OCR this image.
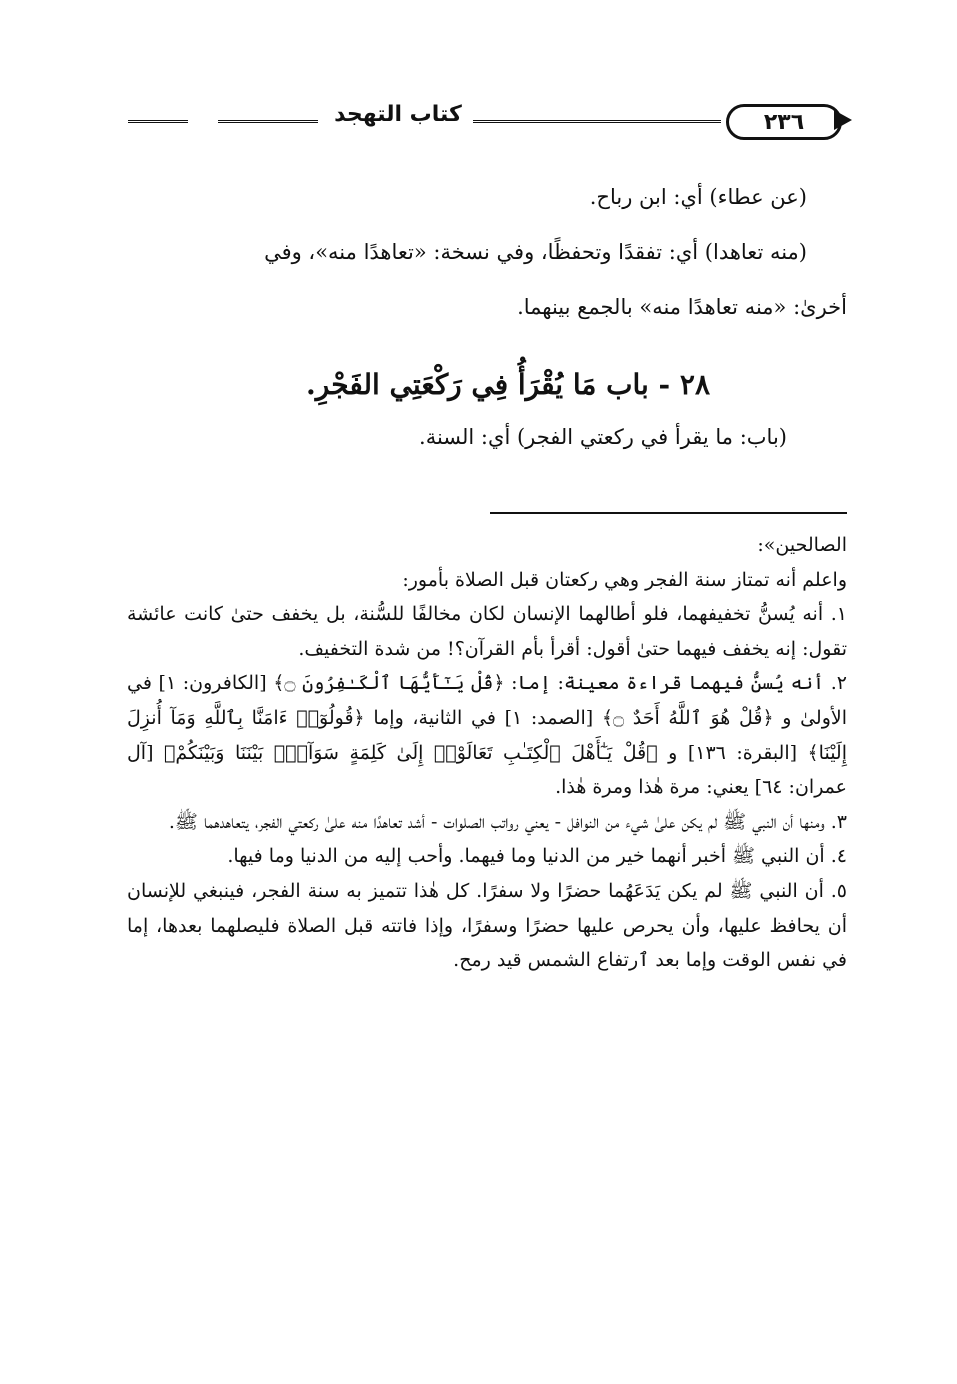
كتاب التهجد	٢٣٦

(عن عطاء) أي: ابن رباح.

(منه تعاهدا) أي: تفقدًا وتحفظًا، وفي نسخة: «تعاهدًا منه»، وفي

أخرىٰ: «منه تعاهدًا منه» بالجمع بينهما.

٢٨ - باب مَا يُقْرَأُ فِي رَكْعَتِي الفَجْرِ.
(باب: ما يقرأ في ركعتي الفجر) أي: السنة.

الصالحين»:

واعلم أنه تمتاز سنة الفجر وهي ركعتان قبل الصلاة بأمور:

١. أنه يُسنُّ تخفيفهما، فلو أطالهما الإنسان لكان مخالفًا للسُّنة، بل يخفف حتىٰ كانت عائشة تقول: إنه يخفف فيهما حتىٰ أقول: أقرأ بأم القرآن؟! من شدة التخفيف.

٢. أنه يُسنُّ فيهما قراءة معينة: إما: ﴿قُلْ يَـٰٓأَيُّهَا ٱلْكَـٰفِرُونَ ۝﴾ [الكافرون: ١] في الأولىٰ و ﴿قُلْ هُوَ ٱللَّهُ أَحَدٌ ۝﴾ [الصمد: ١] في الثانية، وإما ﴿قُولُوٓا۟ ءَامَنَّا بِٱللَّهِ وَمَآ أُنزِلَ إِلَيْنَا﴾ [البقرة: ١٣٦] و ﴿قُلْ يَـٰٓأَهْلَ ٱلْكِتَـٰبِ تَعَالَوْا۟ إِلَىٰ كَلِمَةٍ سَوَآءٍۭ بَيْنَنَا وَبَيْنَكُمْ﴾ [آل عمران: ٦٤] يعني: مرة هٰذا ومرة هٰذا.

٣. ومنها أن النبي ﷺ لم يكن علىٰ شيء من النوافل - يعني رواتب الصلوات - أشد تعاهدًا منه علىٰ ركعتي الفجر، يتعاهدهما ﷺ.

٤. أن النبي ﷺ أخبر أنهما خير من الدنيا وما فيهما. وأحب إليه من الدنيا وما فيها.

٥. أن النبي ﷺ لم يكن يَدَعَهُما حضرًا ولا سفرًا. كل هٰذا تتميز به سنة الفجر، فينبغي للإنسان أن يحافظ عليها، وأن يحرص عليها حضرًا وسفرًا، وإذا فاتته قبل الصلاة فليصلهما بعدها، إما في نفس الوقت وإما بعد ٱرتفاع الشمس قيد رمح.
